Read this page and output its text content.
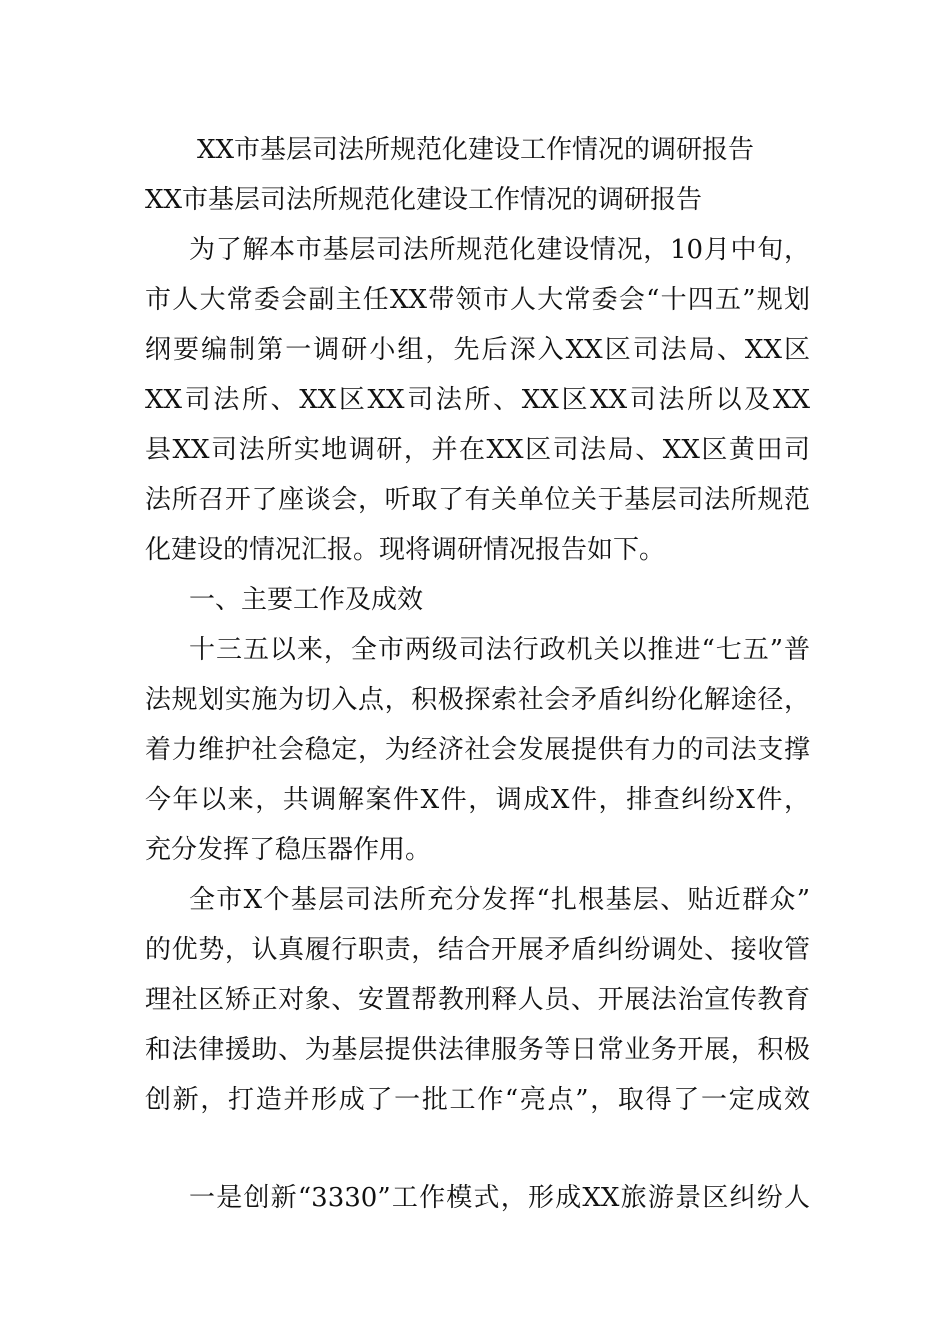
XX市基层司法所规范化建设工作情况的调研报告
XX市基层司法所规范化建设工作情况的调研报告
为了解本市基层司法所规范化建设情况，10月中旬，
市人大常委会副主任XX带领市人大常委会“十四五”规划
纲要编制第一调研小组，先后深入XX区司法局、XX区
XX司法所、XX区XX司法所、XX区XX司法所以及XX
县XX司法所实地调研，并在XX区司法局、XX区黄田司
法所召开了座谈会，听取了有关单位关于基层司法所规范
化建设的情况汇报。现将调研情况报告如下。
一、主要工作及成效
十三五以来，全市两级司法行政机关以推进“七五”普
法规划实施为切入点，积极探索社会矛盾纠纷化解途径，
着力维护社会稳定，为经济社会发展提供有力的司法支撑
今年以来，共调解案件X件，调成X件，排查纠纷X件，
充分发挥了稳压器作用。
全市X个基层司法所充分发挥“扎根基层、贴近群众”
的优势，认真履行职责，结合开展矛盾纠纷调处、接收管
理社区矫正对象、安置帮教刑释人员、开展法治宣传教育
和法律援助、为基层提供法律服务等日常业务开展，积极
创新，打造并形成了一批工作“亮点”，取得了一定成效
一是创新“3330”工作模式，形成XX旅游景区纠纷人
